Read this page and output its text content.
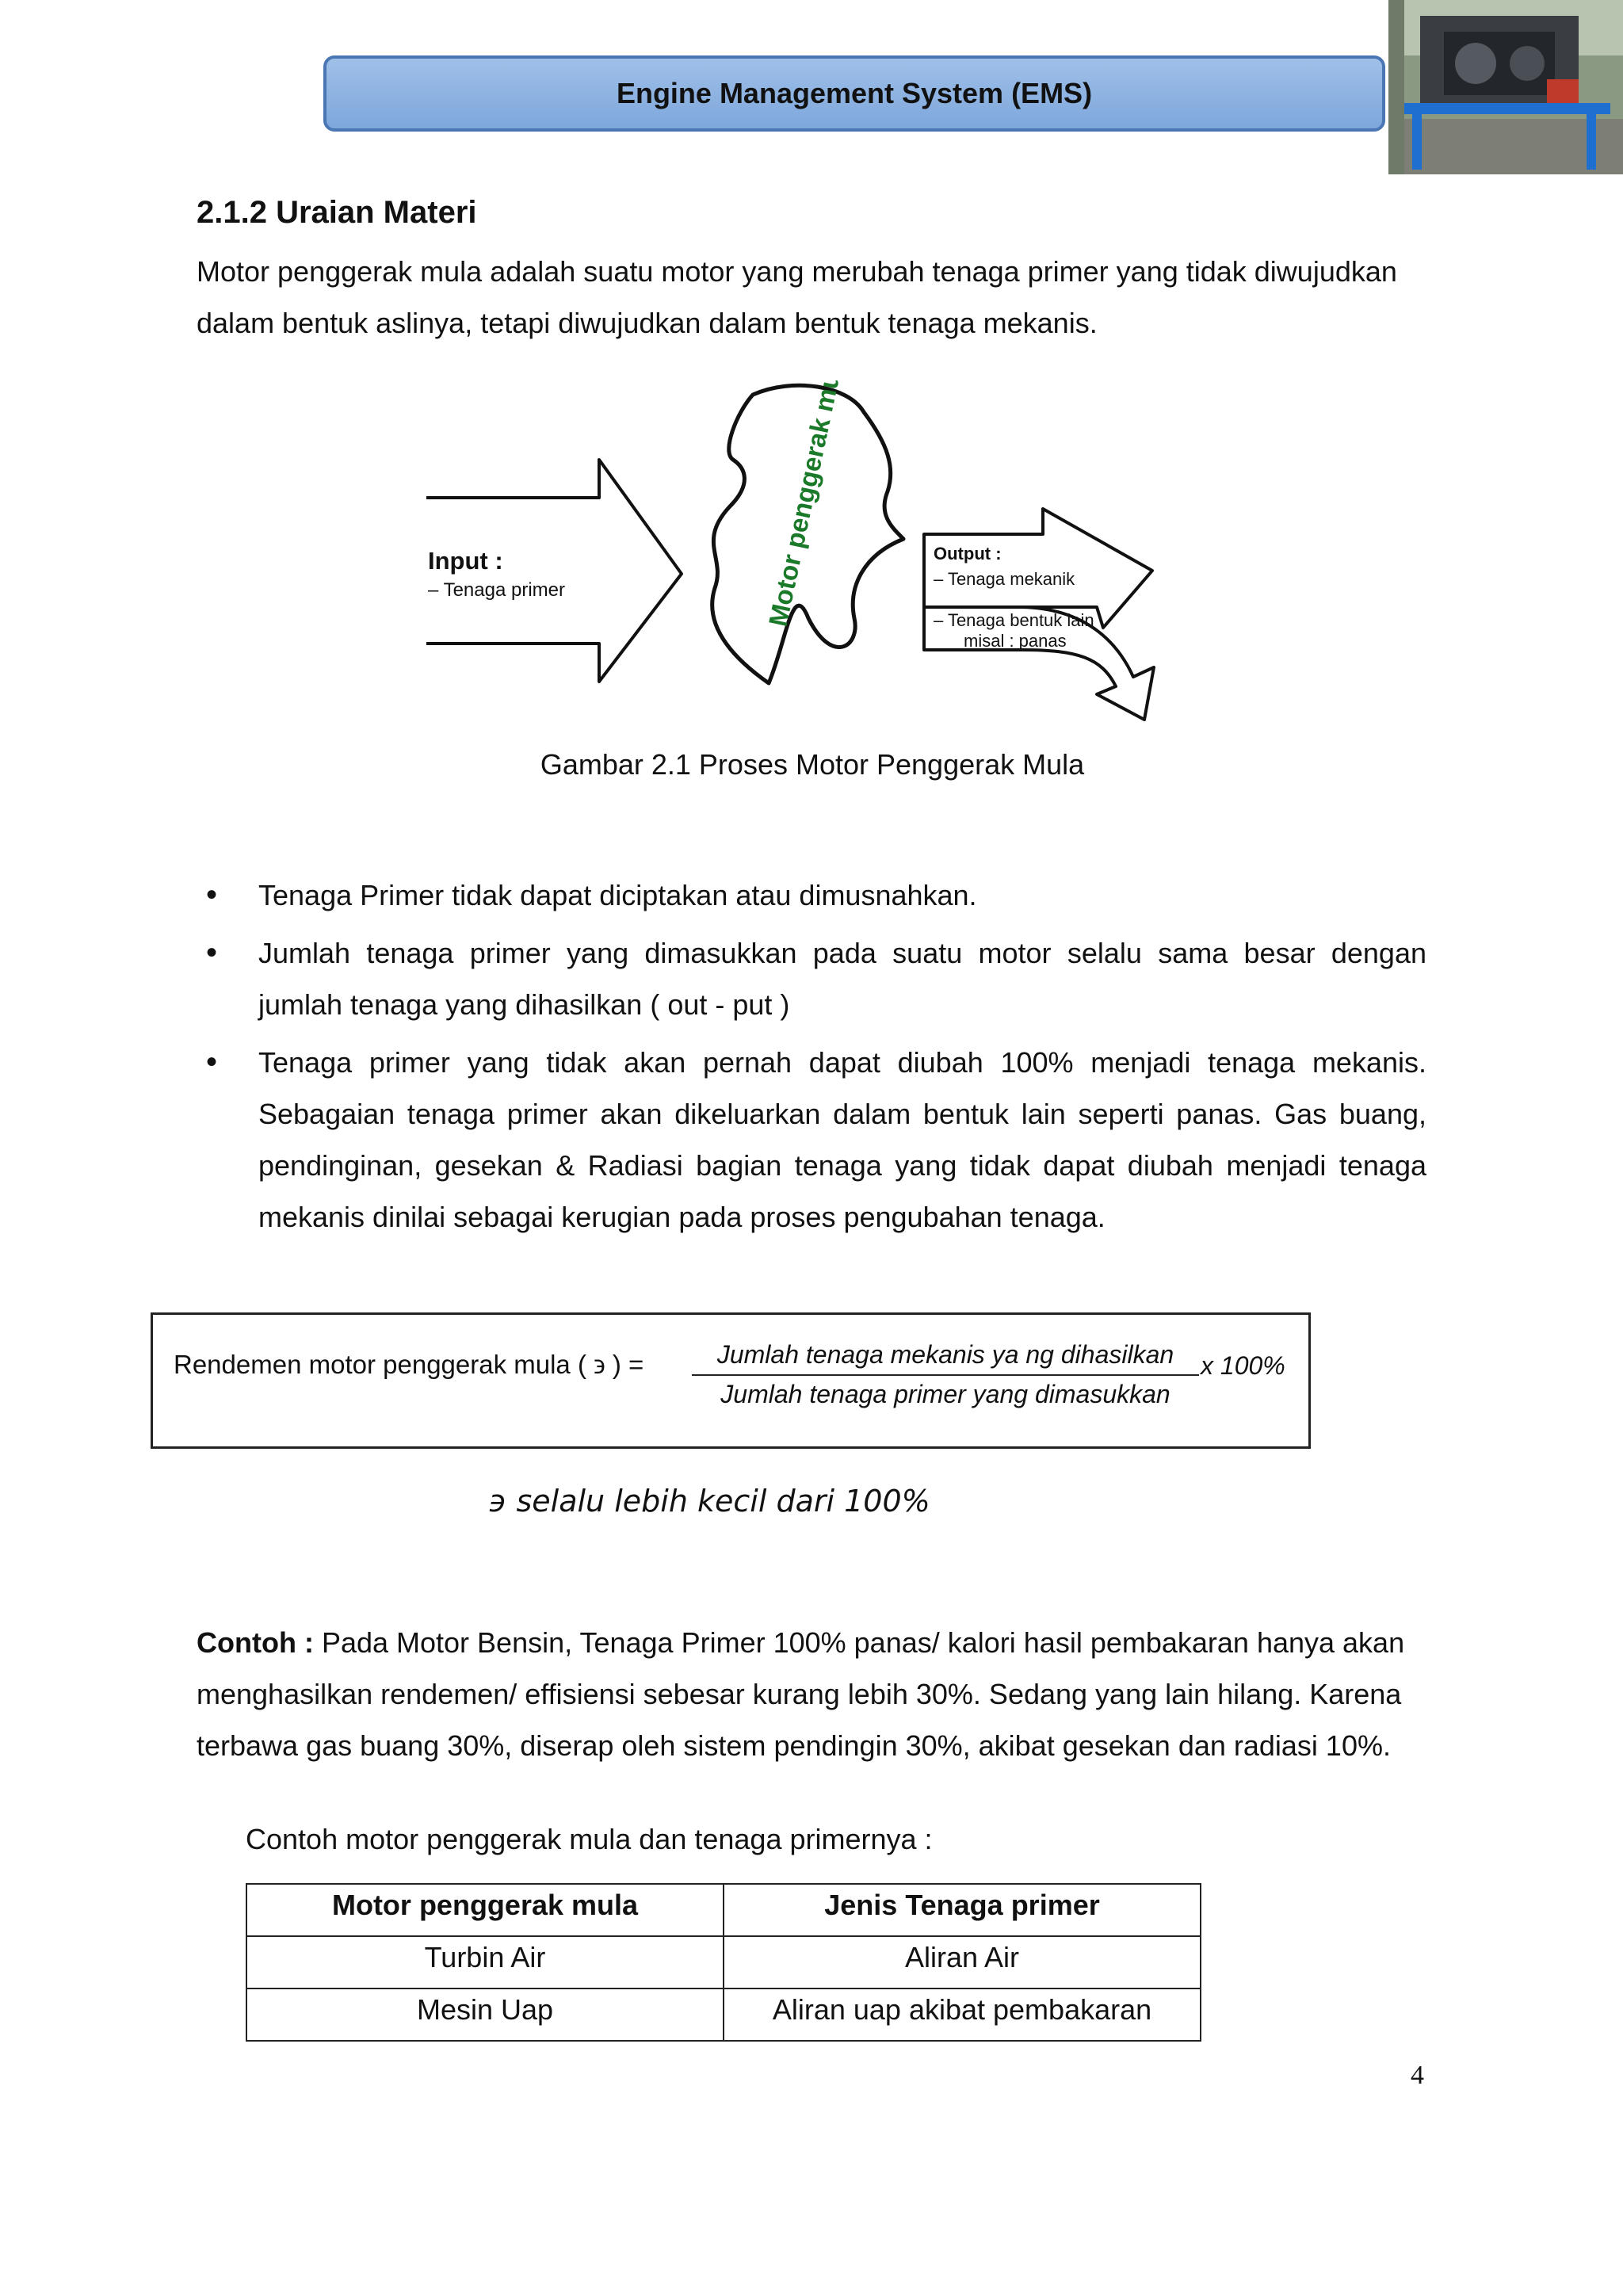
Engine Management System (EMS)
2.1.2 Uraian Materi
Motor penggerak mula adalah suatu motor yang merubah tenaga primer yang tidak diwujudkan dalam bentuk aslinya, tetapi diwujudkan dalam bentuk tenaga mekanis.
Input :
– Tenaga primer	Motor penggerak mula	Output :
– Tenaga mekanik
– Tenaga bentuk lain
misal : panas
Gambar 2.1 Proses Motor Penggerak Mula
• Tenaga Primer tidak dapat diciptakan atau dimusnahkan.
• Jumlah tenaga primer yang dimasukkan pada suatu motor selalu sama besar dengan jumlah tenaga yang dihasilkan ( out - put )
• Tenaga primer yang tidak akan pernah dapat diubah 100% menjadi tenaga mekanis. Sebagaian tenaga primer akan dikeluarkan dalam bentuk lain seperti panas. Gas buang, pendinginan, gesekan & Radiasi bagian tenaga yang tidak dapat diubah menjadi tenaga mekanis dinilai sebagai kerugian pada proses pengubahan tenaga.
Rendemen motor penggerak mula ( ϶ ) =	Jumlah tenaga mekanis ya ng dihasilkan
Jumlah tenaga primer yang dimasukkan
x 100%
϶ selalu lebih kecil dari 100%
Contoh : Pada Motor Bensin, Tenaga Primer 100% panas/ kalori hasil pembakaran hanya akan menghasilkan rendemen/ effisiensi sebesar kurang lebih 30%. Sedang yang lain hilang. Karena terbawa gas buang 30%, diserap oleh sistem pendingin 30%, akibat gesekan dan radiasi 10%.
Contoh motor penggerak mula dan tenaga primernya :
Motor penggerak mula	Jenis Tenaga primer
Turbin Air	Aliran Air
Mesin Uap	Aliran uap akibat pembakaran
4
